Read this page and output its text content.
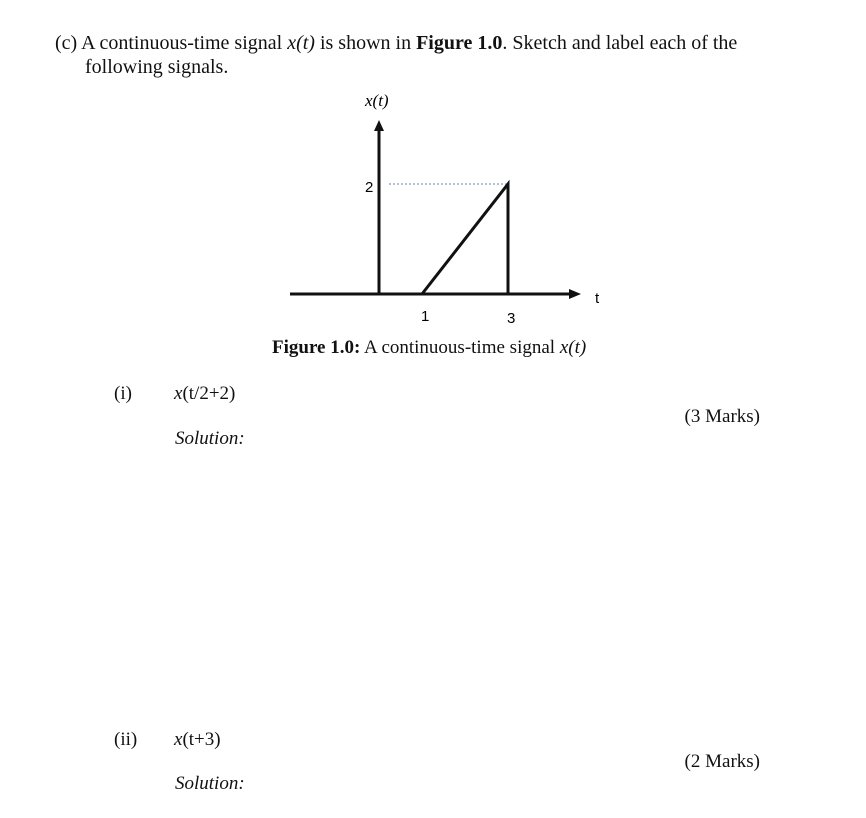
(c) A continuous-time signal x(t) is shown in Figure 1.0. Sketch and label each of the
following signals.
x(t)
t
2
1	3
Figure 1.0: A continuous-time signal x(t)
(i) x(t/2+2)
(3 Marks)
Solution:
(ii) x(t+3)
(2 Marks)
Solution:
